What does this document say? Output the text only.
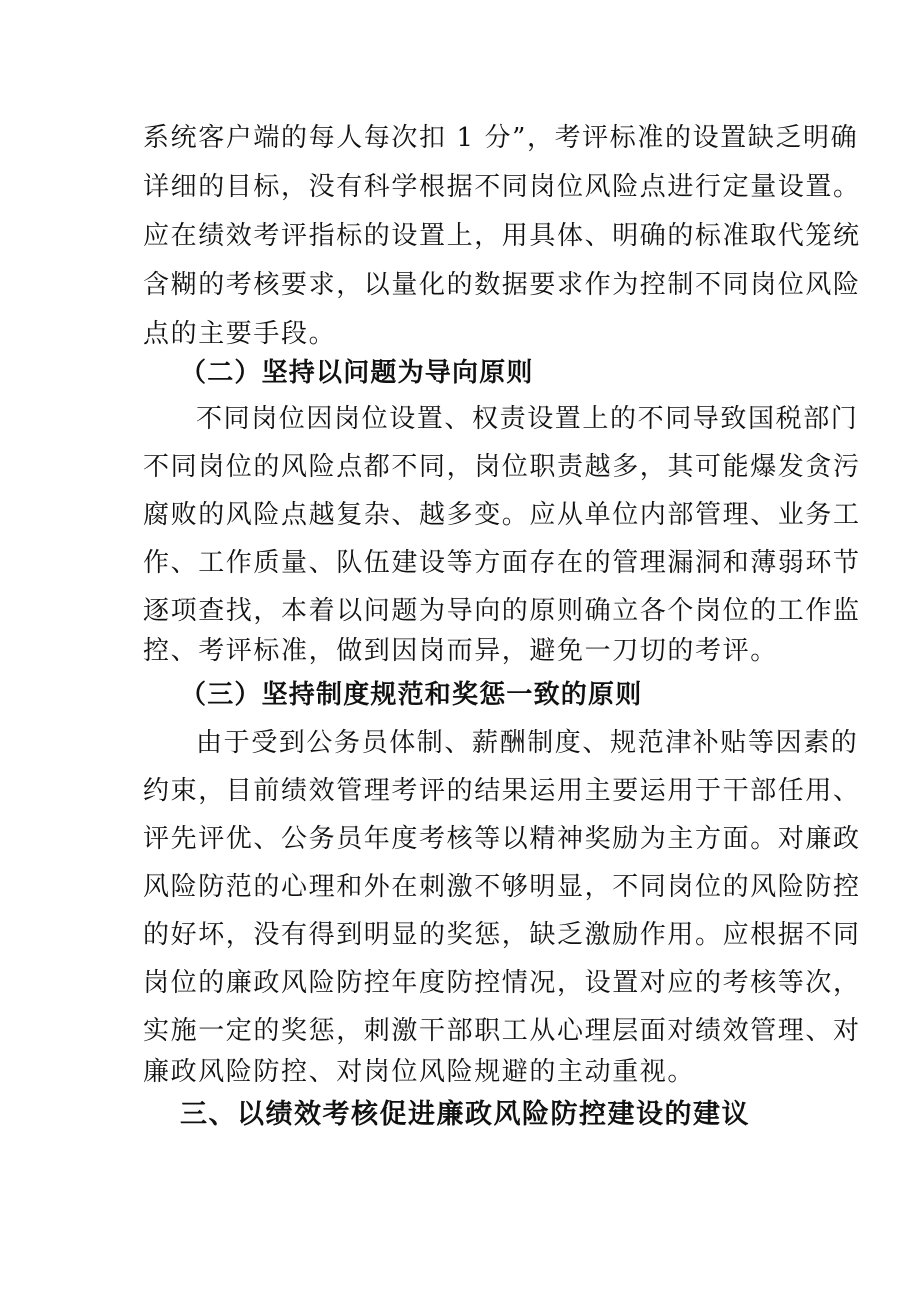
系统客户端的每人每次扣 1 分”，考评标准的设置缺乏明确
详细的目标，没有科学根据不同岗位风险点进行定量设置。
应在绩效考评指标的设置上，用具体、明确的标准取代笼统
含糊的考核要求，以量化的数据要求作为控制不同岗位风险
点的主要手段。
（二）坚持以问题为导向原则
不同岗位因岗位设置、权责设置上的不同导致国税部门
不同岗位的风险点都不同，岗位职责越多，其可能爆发贪污
腐败的风险点越复杂、越多变。应从单位内部管理、业务工
作、工作质量、队伍建设等方面存在的管理漏洞和薄弱环节
逐项查找，本着以问题为导向的原则确立各个岗位的工作监
控、考评标准，做到因岗而异，避免一刀切的考评。
（三）坚持制度规范和奖惩一致的原则
由于受到公务员体制、薪酬制度、规范津补贴等因素的
约束，目前绩效管理考评的结果运用主要运用于干部任用、
评先评优、公务员年度考核等以精神奖励为主方面。对廉政
风险防范的心理和外在刺激不够明显，不同岗位的风险防控
的好坏，没有得到明显的奖惩，缺乏激励作用。应根据不同
岗位的廉政风险防控年度防控情况，设置对应的考核等次，
实施一定的奖惩，刺激干部职工从心理层面对绩效管理、对
廉政风险防控、对岗位风险规避的主动重视。
三、以绩效考核促进廉政风险防控建设的建议
